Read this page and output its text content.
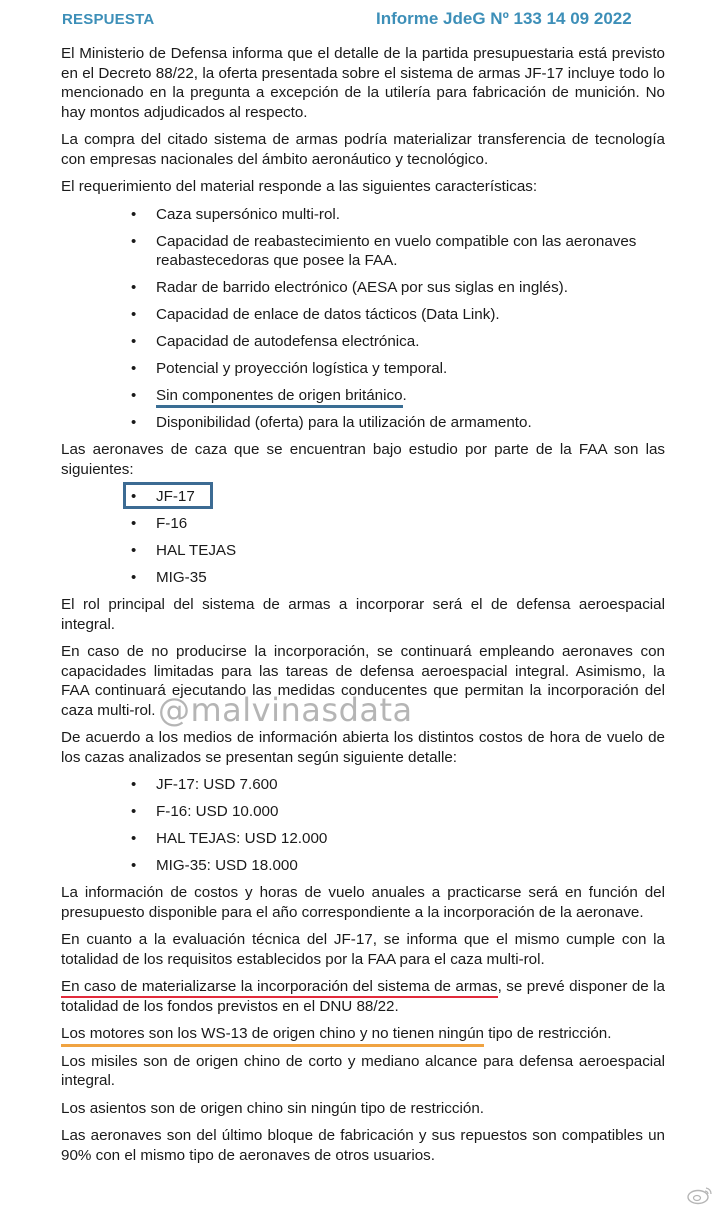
RESPUESTA	Informe JdeG Nº 133 14 09 2022

El Ministerio de Defensa informa que el detalle de la partida presupuestaria está previsto en el Decreto 88/22, la oferta presentada sobre el sistema de armas JF-17 incluye todo lo mencionado en la pregunta a excepción de la utilería para fabricación de munición. No hay montos adjudicados al respecto.

La compra del citado sistema de armas podría materializar transferencia de tecnología con empresas nacionales del ámbito aeronáutico y tecnológico.

El requerimiento del material responde a las siguientes características:

• Caza supersónico multi-rol.
• Capacidad de reabastecimiento en vuelo compatible con las aeronaves reabastecedoras que posee la FAA.
• Radar de barrido electrónico (AESA por sus siglas en inglés).
• Capacidad de enlace de datos tácticos (Data Link).
• Capacidad de autodefensa electrónica.
• Potencial y proyección logística y temporal.
• Sin componentes de origen británico.
• Disponibilidad (oferta) para la utilización de armamento.

Las aeronaves de caza que se encuentran bajo estudio por parte de la FAA son las siguientes:

• JF-17
• F-16
• HAL TEJAS
• MIG-35

El rol principal del sistema de armas a incorporar será el de defensa aeroespacial integral.

En caso de no producirse la incorporación, se continuará empleando aeronaves con capacidades limitadas para las tareas de defensa aeroespacial integral. Asimismo, la FAA continuará ejecutando las medidas conducentes que permitan la incorporación del caza multi-rol.

De acuerdo a los medios de información abierta los distintos costos de hora de vuelo de los cazas analizados se presentan según siguiente detalle:

• JF-17: USD 7.600
• F-16: USD 10.000
• HAL TEJAS: USD 12.000
• MIG-35: USD 18.000

La información de costos y horas de vuelo anuales a practicarse será en función del presupuesto disponible para el año correspondiente a la incorporación de la aeronave.

En cuanto a la evaluación técnica del JF-17, se informa que el mismo cumple con la totalidad de los requisitos establecidos por la FAA para el caza multi-rol.

En caso de materializarse la incorporación del sistema de armas, se prevé disponer de la totalidad de los fondos previstos en el DNU 88/22.

Los motores son los WS-13 de origen chino y no tienen ningún tipo de restricción.

Los misiles son de origen chino de corto y mediano alcance para defensa aeroespacial integral.

Los asientos son de origen chino sin ningún tipo de restricción.

Las aeronaves son del último bloque de fabricación y sus repuestos son compatibles un 90% con el mismo tipo de aeronaves de otros usuarios.

@malvinasdata
